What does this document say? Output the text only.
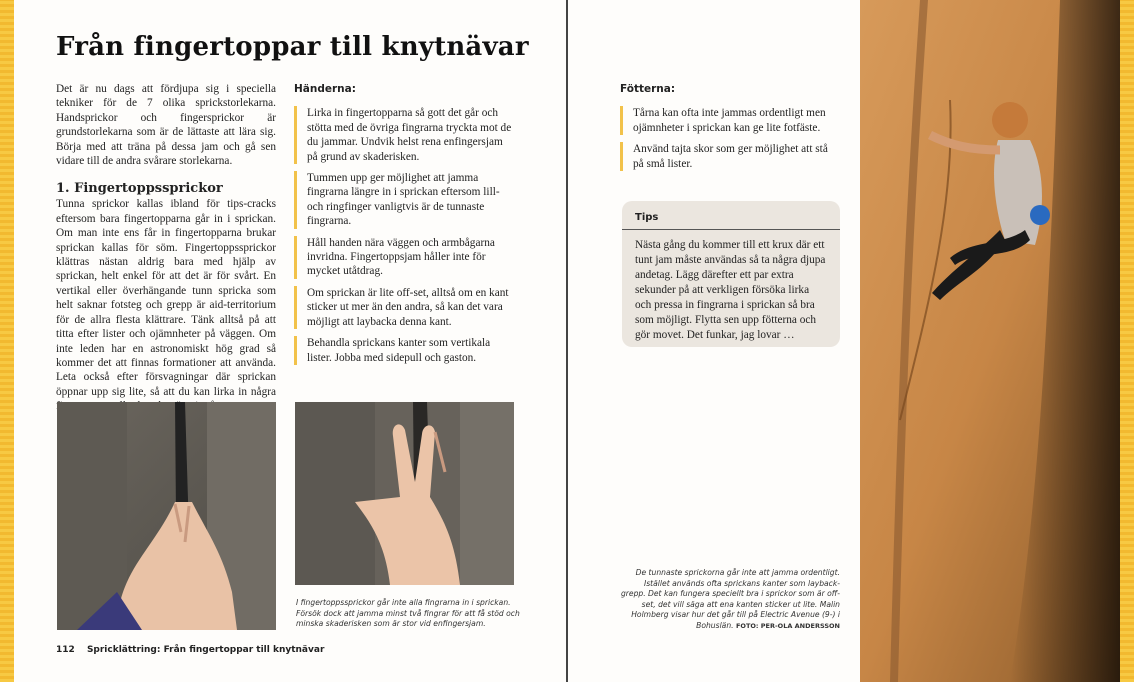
Från fingertoppar till knytnävar

Det är nu dags att fördjupa sig i speciella tekniker för de 7 olika sprickstorlekarna. Handsprickor och fingersprickor är grundstorlekarna som är de lättaste att lära sig. Börja med att träna på dessa jam och gå sen vidare till de andra svårare storlekarna.

1. Fingertoppssprickor

Tunna sprickor kallas ibland för tips-cracks eftersom bara fingertopparna går in i sprickan. Om man inte ens får in fingertopparna brukar sprickan kallas för söm. Fingertoppssprickor klättras nästan aldrig bara med hjälp av sprickan, helt enkel för att det är för svårt. En vertikal eller överhängande tunn spricka som helt saknar fotsteg och grepp är aid-territorium för de allra flesta klättrare. Tänk alltså på att titta efter lister och ojämnheter på väggen. Om inte leden har en astronomiskt hög grad så kommer det att finnas formationer att använda. Leta också efter försvagningar där sprickan öppnar upp sig lite, så att du kan lirka in några

Händerna:
Lirka in fingertopparna så gott det går och stötta med de övriga fingrarna tryckta mot de du jammar. Undvik helst rena enfingersjam på grund av skaderisken.
Tummen upp ger möjlighet att jamma fingrarna längre in i sprickan eftersom lill- och ringfinger vanligtvis är de tunnaste fingrarna.
Håll handen nära väggen och armbågarna invridna. Fingertoppsjam håller inte för mycket utåtdrag.
Om sprickan är lite off-set, alltså om en kant sticker ut mer än den andra, så kan det vara möjligt att laybacka denna kant.
Behandla sprickans kanter som vertikala lister. Jobba med sidepull och gaston.
I fingertoppssprickor går inte alla fingrarna in i sprickan. Försök dock att jamma minst två fingrar för att få stöd och minska skaderisken som är stor vid enfingersjam.
112 Spricklättring: Från fingertoppar till knytnävar
Fötterna:
Tårna kan ofta inte jammas ordentligt men ojämnheter i sprickan kan ge lite fotfäste.
Använd tajta skor som ger möjlighet att stå på små lister.
Tips
Nästa gång du kommer till ett krux där ett tunt jam måste användas så ta några djupa andetag. Lägg därefter ett par extra sekunder på att verkligen försöka lirka och pressa in fingrarna i sprickan så bra som möjligt. Flytta sen upp fötterna och gör movet. Det funkar, jag lovar …
De tunnaste sprickorna går inte att jamma ordentligt. Istället används ofta sprickans kanter som layback-grepp. Det kan fungera speciellt bra i sprickor som är off-set, det vill säga att ena kanten sticker ut lite. Malin Holmberg visar hur det går till på Electric Avenue (9-) i Bohuslän. FOTO: PER-OLA ANDERSSON
